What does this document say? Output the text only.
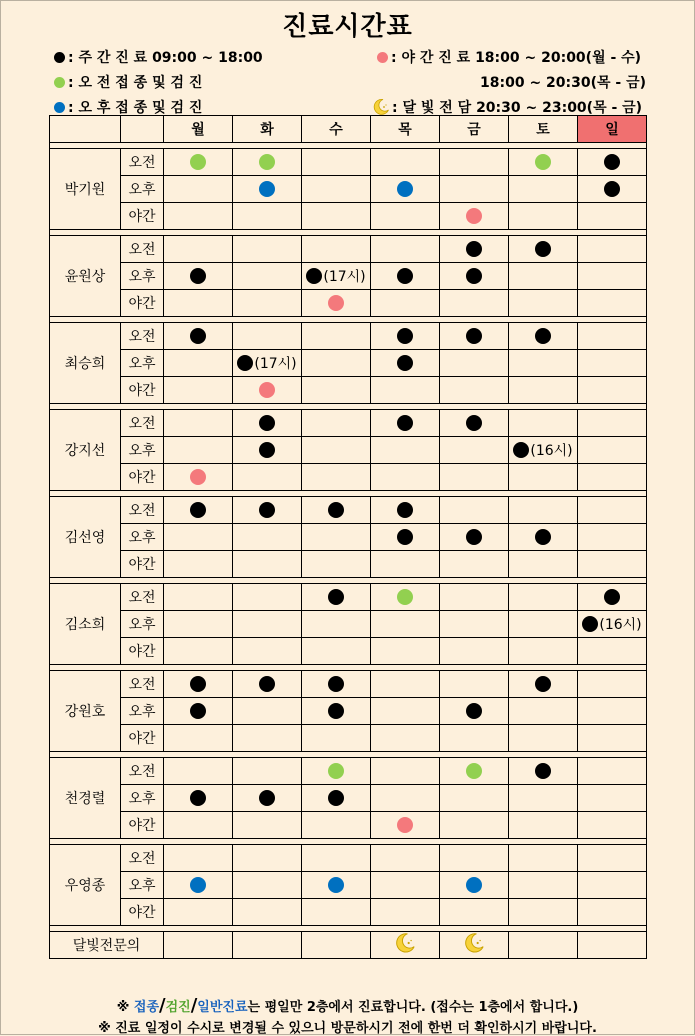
진료시간표
: 주 간 진 료 09:00 ~ 18:00
: 오 전 접 종 및 검 진
: 오 후 접 종 및 검 진
: 야 간 진 료 18:00 ~ 20:00(월 - 수)
18:00 ~ 20:30(목 - 금)
: 달 빛 전 담 20:30 ~ 23:00(목 - 금)
		월	화	수	목	금	토	일

박기원	오전							
	오후							
	야간							

윤원상	오전							
	오후			(17시)				
	야간							

최승희	오전							
	오후		(17시)					
	야간							

강지선	오전							
	오후						(16시)	
	야간							

김선영	오전							
	오후							
	야간							

김소희	오전							
	오후							(16시)
	야간							

강원호	오전							
	오후							
	야간							

천경렬	오전							
	오후							
	야간							

우영종	오전							
	오후							
	야간							

달빛전문의							
※ 접종/검진/일반진료는 평일만 2층에서 진료합니다. (접수는 1층에서 합니다.)
※ 진료 일정이 수시로 변경될 수 있으니 방문하시기 전에 한번 더 확인하시기 바랍니다.
